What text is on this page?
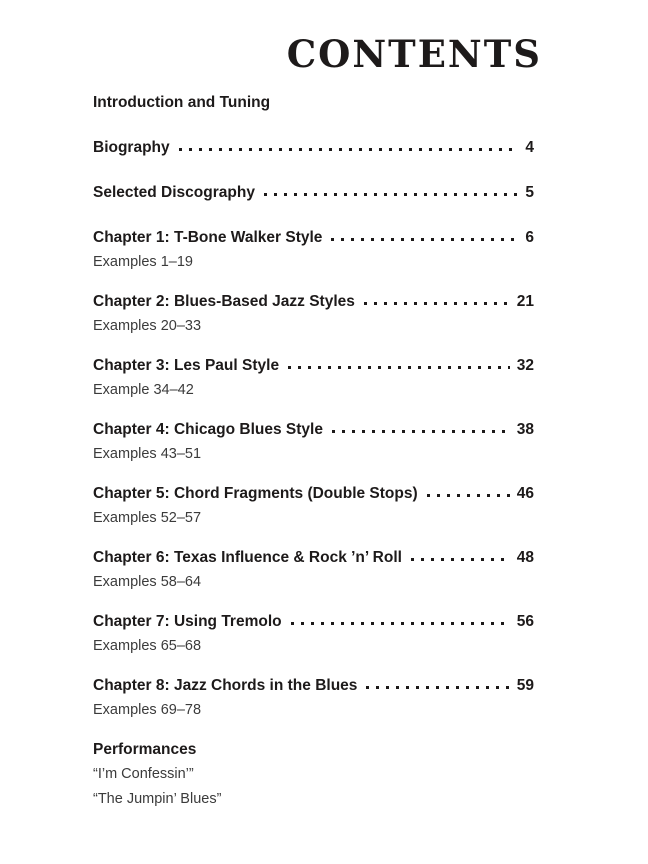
CONTENTS
Introduction and Tuning
Biography	4
Selected Discography	5
Chapter 1: T-Bone Walker Style	6
Examples 1–19
Chapter 2: Blues-Based Jazz Styles	21
Examples 20–33
Chapter 3: Les Paul Style	32
Example 34–42
Chapter 4: Chicago Blues Style	38
Examples 43–51
Chapter 5: Chord Fragments (Double Stops)	46
Examples 52–57
Chapter 6: Texas Influence & Rock ’n’ Roll	48
Examples 58–64
Chapter 7: Using Tremolo	56
Examples 65–68
Chapter 8: Jazz Chords in the Blues	59
Examples 69–78
Performances
“I’m Confessin’”
“The Jumpin’ Blues”
